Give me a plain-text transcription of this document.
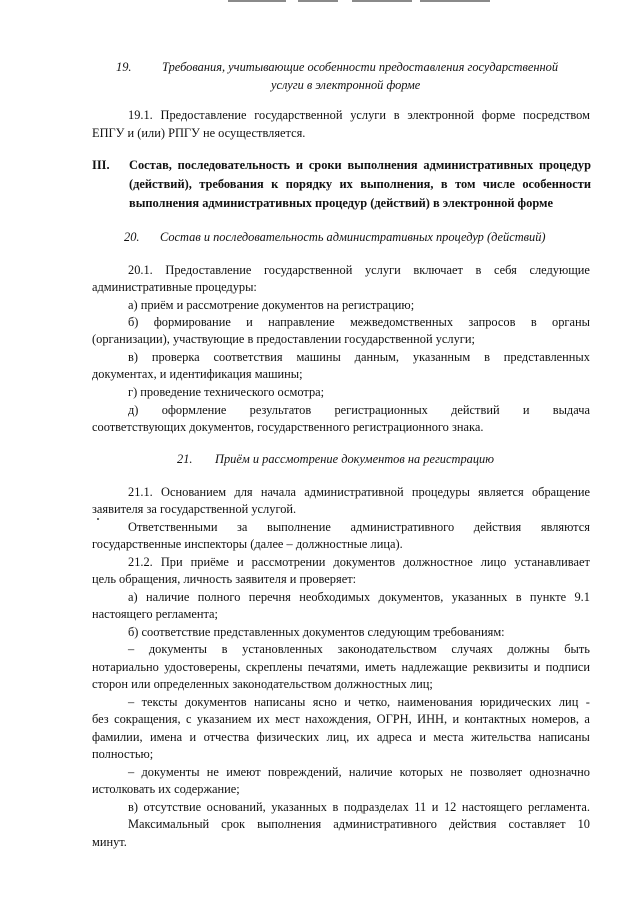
19. Требования, учитывающие особенности предоставления государственной
услуги в электронной форме
19.1. Предоставление государственной услуги в электронной форме посредством
ЕПГУ и (или) РПГУ не осуществляется.
III. Состав, последовательность и сроки выполнения административных процедур
(действий), требования к порядку их выполнения, в том числе особенности
выполнения административных процедур (действий) в электронной форме
20. Состав и последовательность административных процедур (действий)
20.1. Предоставление государственной услуги включает в себя следующие
административные процедуры:
а) приём и рассмотрение документов на регистрацию;
б) формирование и направление межведомственных запросов в органы
(организации), участвующие в предоставлении государственной услуги;
в) проверка соответствия машины данным, указанным в представленных
документах, и идентификация машины;
г) проведение технического осмотра;
д) оформление результатов регистрационных действий и выдача
соответствующих документов, государственного регистрационного знака.
21. Приём и рассмотрение документов на регистрацию
21.1. Основанием для начала административной процедуры является обращение
заявителя за государственной услугой.
Ответственными за выполнение административного действия являются
государственные инспекторы (далее – должностные лица).
21.2. При приёме и рассмотрении документов должностное лицо устанавливает
цель обращения, личность заявителя и проверяет:
а) наличие полного перечня необходимых документов, указанных в пункте 9.1
настоящего регламента;
б) соответствие представленных документов следующим требованиям:
– документы в установленных законодательством случаях должны быть
нотариально удостоверены, скреплены печатями, иметь надлежащие реквизиты и подписи
сторон или определенных законодательством должностных лиц;
– тексты документов написаны ясно и четко, наименования юридических лиц -
без сокращения, с указанием их мест нахождения, ОГРН, ИНН, и контактных номеров, а
фамилии, имена и отчества физических лиц, их адреса и места жительства написаны
полностью;
– документы не имеют повреждений, наличие которых не позволяет однозначно
истолковать их содержание;
в) отсутствие оснований, указанных в подразделах 11 и 12 настоящего регламента.
Максимальный срок выполнения административного действия составляет 10
минут.
